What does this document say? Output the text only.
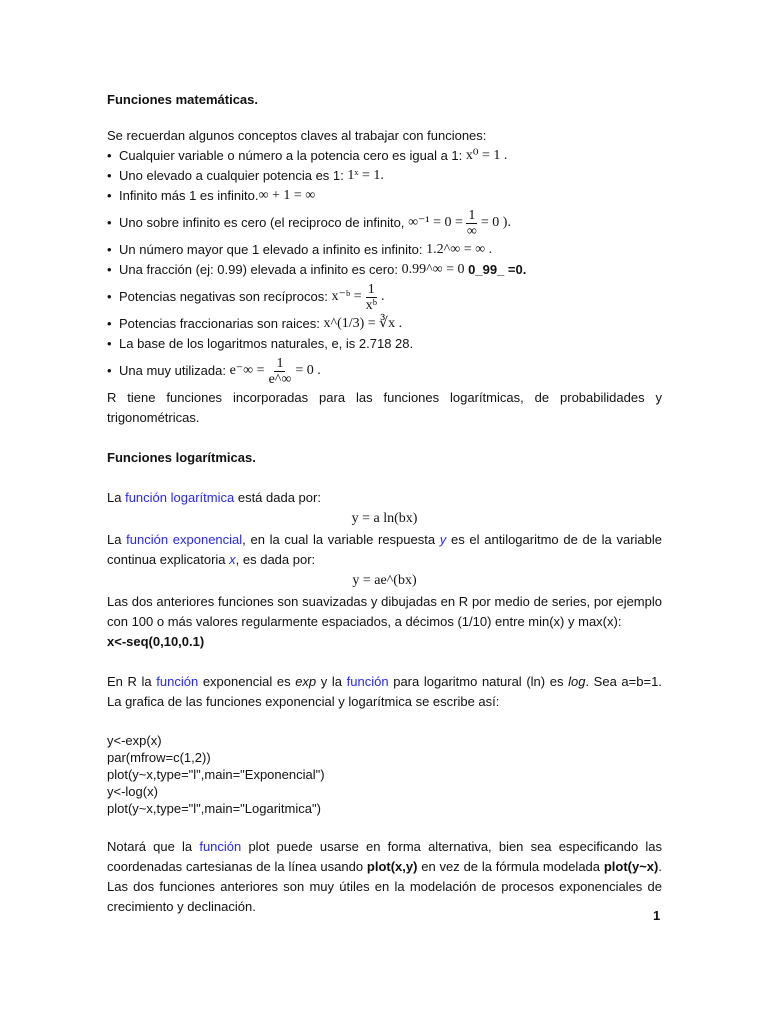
Funciones matemáticas.

Se recuerdan algunos conceptos claves al trabajar con funciones:

• Cualquier variable o número a la potencia cero es igual a 1:
x⁰ = 1 .
• Uno elevado a cualquier potencia es 1:
1ˣ = 1.
• Infinito más 1 es infinito. ∞ + 1 = ∞
• Uno sobre infinito es cero (el reciproco de infinito,
$\infty^{-1} = 0 = \frac{1}{\infty} = 0$ ).
• Un número mayor que 1 elevado a infinito es infinito:
1.2^∞ = ∞ .
• Una fracción (ej: 0.99) elevada a infinito es cero:
0.99^∞ = 0
0_99_ =0.
• Potencias negativas son recíprocos:
x⁻ᵇ = $\frac{1}{\text{xᵇ}}$ .
• Potencias fraccionarias son raices:
x^(1/3) = ∛x .
• La base de los logaritmos naturales, e, is 2.718 28.
• Una muy utilizada:
$e^-\infty = \frac{1}{e\^{}\infty} = 0$ .

R tiene funciones incorporadas para las funciones logarítmicas, de probabilidades y trigonométricas.

Funciones logarítmicas.

La función logarítmica está dada por:

y = a ln(bx)

La función exponencial, en la cual la variable respuesta y es el antilogaritmo de de la variable continua explicatoria x, es dada por:

y = ae^(bx)

Las dos anteriores funciones son suavizadas y dibujadas en R por medio de series, por ejemplo con 100 o más valores regularmente espaciados, a décimos (1/10) entre min(x) y max(x):

x<-seq(0,10,0.1)

En R la función exponencial es exp y la función para logaritmo natural (ln) es log. Sea a=b=1. La grafica de las funciones exponencial y logarítmica se escribe así:

y<-exp(x)

par(mfrow=c(1,2))

plot(y~x,type="l",main="Exponencial")

y<-log(x)

plot(y~x,type="l",main="Logaritmica")

Notará que la función plot puede usarse en forma alternativa, bien sea especificando las coordenadas cartesianas de la línea usando plot(x,y) en vez de la fórmula modelada plot(y~x). Las dos funciones anteriores son muy útiles en la modelación de procesos exponenciales de crecimiento y declinación.

1
